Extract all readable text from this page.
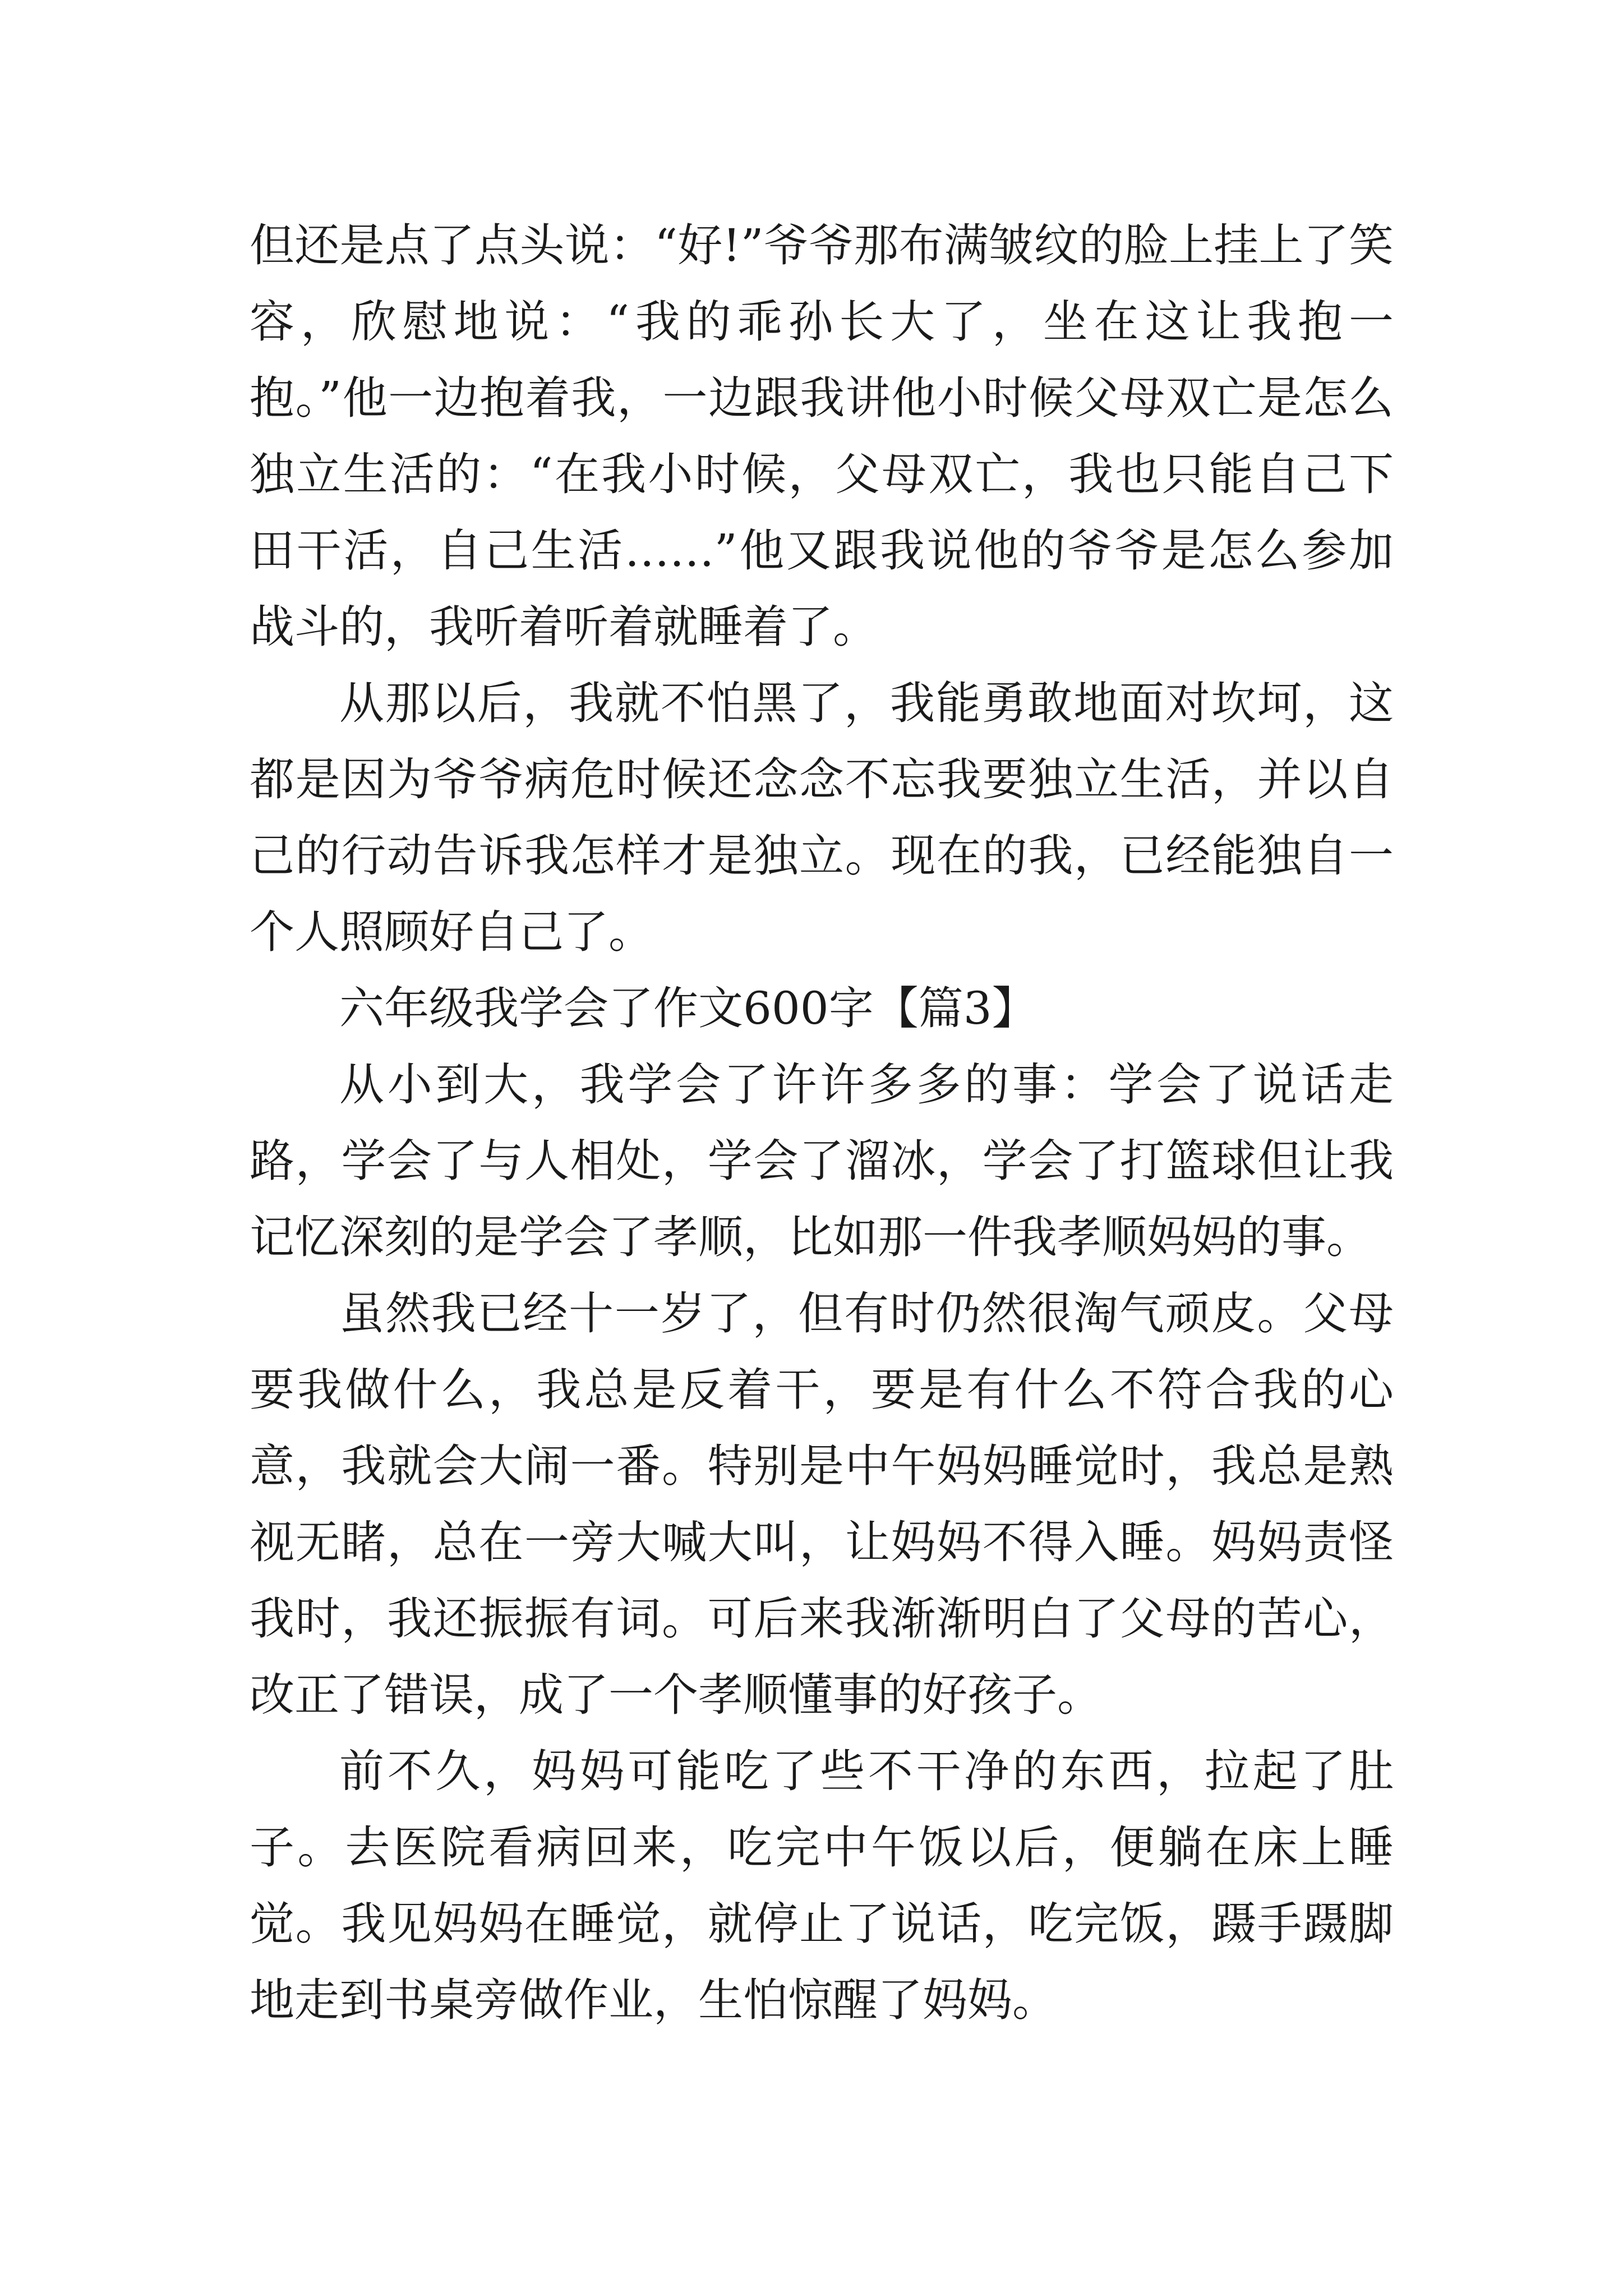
但还是点了点头说：“好!”爷爷那布满皱纹的脸上挂上了笑容，欣慰地说：“我的乖孙长大了，坐在这让我抱一抱。”他一边抱着我，一边跟我讲他小时候父母双亡是怎么独立生活的：“在我小时候，父母双亡，我也只能自己下田干活，自己生活……”他又跟我说他的爷爷是怎么参加战斗的，我听着听着就睡着了。

从那以后，我就不怕黑了，我能勇敢地面对坎坷，这都是因为爷爷病危时候还念念不忘我要独立生活，并以自己的行动告诉我怎样才是独立。现在的我，已经能独自一个人照顾好自己了。

六年级我学会了作文600字【篇3】

从小到大，我学会了许许多多的事：学会了说话走路，学会了与人相处，学会了溜冰，学会了打篮球但让我记忆深刻的是学会了孝顺，比如那一件我孝顺妈妈的事。

虽然我已经十一岁了，但有时仍然很淘气顽皮。父母要我做什么，我总是反着干，要是有什么不符合我的心意，我就会大闹一番。特别是中午妈妈睡觉时，我总是熟视无睹，总在一旁大喊大叫，让妈妈不得入睡。妈妈责怪我时，我还振振有词。可后来我渐渐明白了父母的苦心，改正了错误，成了一个孝顺懂事的好孩子。

前不久，妈妈可能吃了些不干净的东西，拉起了肚子。去医院看病回来，吃完中午饭以后，便躺在床上睡觉。我见妈妈在睡觉，就停止了说话，吃完饭，蹑手蹑脚地走到书桌旁做作业，生怕惊醒了妈妈。
